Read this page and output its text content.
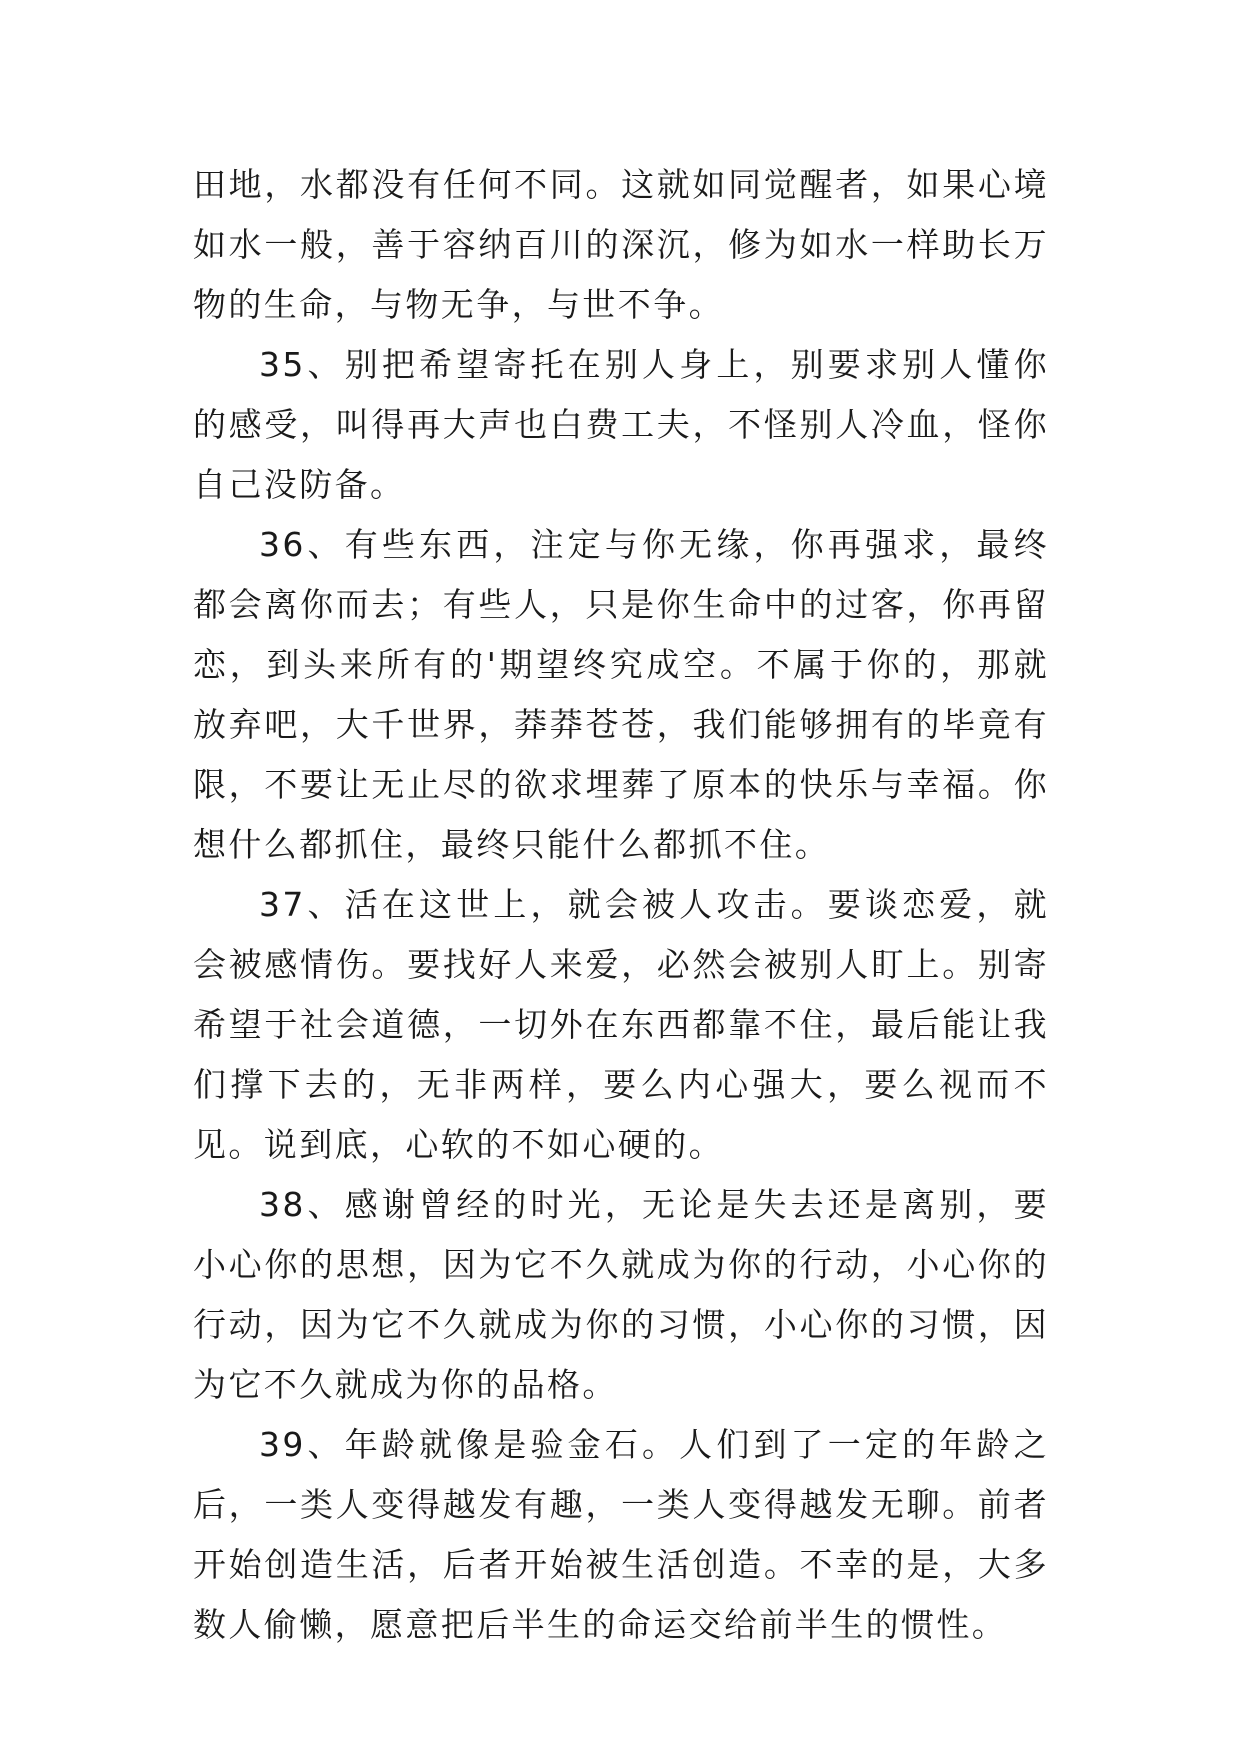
田地，水都没有任何不同。这就如同觉醒者，如果心境如水一般，善于容纳百川的深沉，修为如水一样助长万物的生命，与物无争，与世不争。

35、别把希望寄托在别人身上，别要求别人懂你的感受，叫得再大声也白费工夫，不怪别人冷血，怪你自己没防备。

36、有些东西，注定与你无缘，你再强求，最终都会离你而去；有些人，只是你生命中的过客，你再留恋，到头来所有的'期望终究成空。不属于你的，那就放弃吧，大千世界，莽莽苍苍，我们能够拥有的毕竟有限，不要让无止尽的欲求埋葬了原本的快乐与幸福。你想什么都抓住，最终只能什么都抓不住。

37、活在这世上，就会被人攻击。要谈恋爱，就会被感情伤。要找好人来爱，必然会被别人盯上。别寄希望于社会道德，一切外在东西都靠不住，最后能让我们撑下去的，无非两样，要么内心强大，要么视而不见。说到底，心软的不如心硬的。

38、感谢曾经的时光，无论是失去还是离别，要小心你的思想，因为它不久就成为你的行动，小心你的行动，因为它不久就成为你的习惯，小心你的习惯，因为它不久就成为你的品格。

39、年龄就像是验金石。人们到了一定的年龄之后，一类人变得越发有趣，一类人变得越发无聊。前者开始创造生活，后者开始被生活创造。不幸的是，大多数人偷懒，愿意把后半生的命运交给前半生的惯性。
